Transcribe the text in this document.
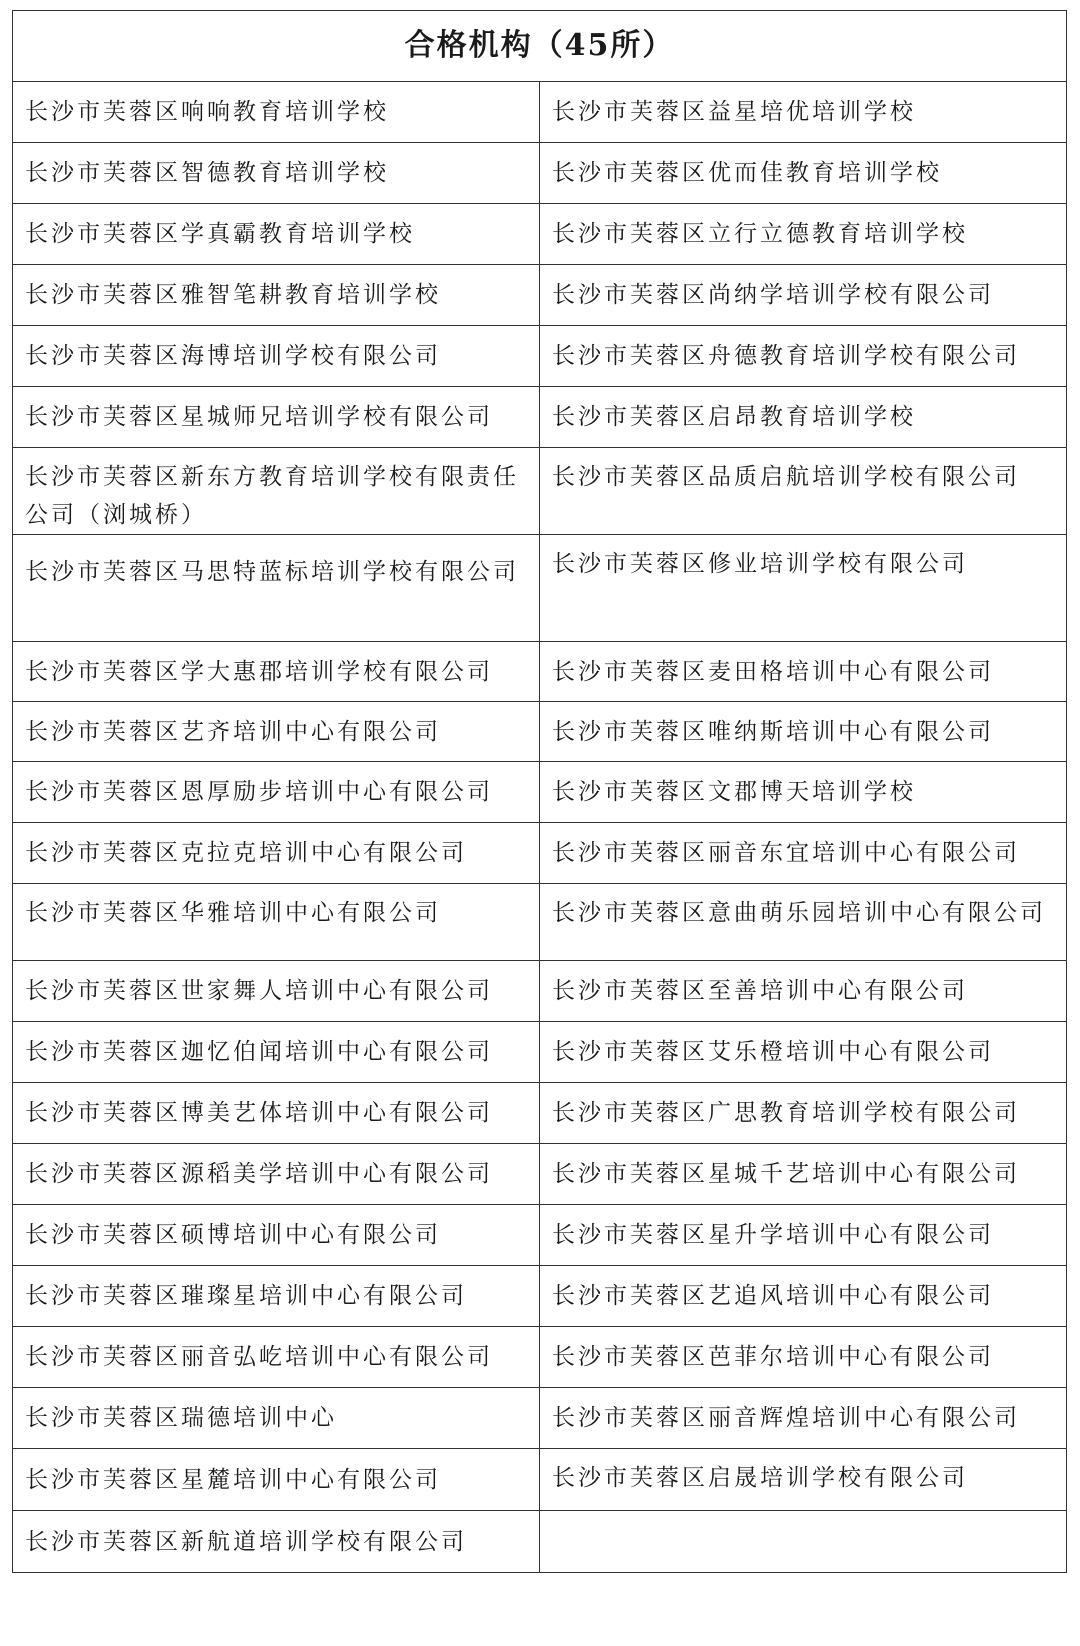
合格机构（45所）	
长沙市芙蓉区响响教育培训学校	长沙市芙蓉区益星培优培训学校
长沙市芙蓉区智德教育培训学校	长沙市芙蓉区优而佳教育培训学校
长沙市芙蓉区学真霸教育培训学校	长沙市芙蓉区立行立德教育培训学校
长沙市芙蓉区雅智笔耕教育培训学校	长沙市芙蓉区尚纳学培训学校有限公司
长沙市芙蓉区海博培训学校有限公司	长沙市芙蓉区舟德教育培训学校有限公司
长沙市芙蓉区星城师兄培训学校有限公司	长沙市芙蓉区启昂教育培训学校
长沙市芙蓉区新东方教育培训学校有限责任公司（浏城桥）	长沙市芙蓉区品质启航培训学校有限公司
长沙市芙蓉区马思特蓝标培训学校有限公司	长沙市芙蓉区修业培训学校有限公司
长沙市芙蓉区学大惠郡培训学校有限公司	长沙市芙蓉区麦田格培训中心有限公司
长沙市芙蓉区艺齐培训中心有限公司	长沙市芙蓉区唯纳斯培训中心有限公司
长沙市芙蓉区恩厚励步培训中心有限公司	长沙市芙蓉区文郡博天培训学校
长沙市芙蓉区克拉克培训中心有限公司	长沙市芙蓉区丽音东宜培训中心有限公司
长沙市芙蓉区华雅培训中心有限公司	长沙市芙蓉区意曲萌乐园培训中心有限公司
长沙市芙蓉区世家舞人培训中心有限公司	长沙市芙蓉区至善培训中心有限公司
长沙市芙蓉区迦忆伯闻培训中心有限公司	长沙市芙蓉区艾乐橙培训中心有限公司
长沙市芙蓉区博美艺体培训中心有限公司	长沙市芙蓉区广思教育培训学校有限公司
长沙市芙蓉区源稻美学培训中心有限公司	长沙市芙蓉区星城千艺培训中心有限公司
长沙市芙蓉区硕博培训中心有限公司	长沙市芙蓉区星升学培训中心有限公司
长沙市芙蓉区璀璨星培训中心有限公司	长沙市芙蓉区艺追风培训中心有限公司
长沙市芙蓉区丽音弘屹培训中心有限公司	长沙市芙蓉区芭菲尔培训中心有限公司
长沙市芙蓉区瑞德培训中心	长沙市芙蓉区丽音辉煌培训中心有限公司
长沙市芙蓉区星麓培训中心有限公司	长沙市芙蓉区启晟培训学校有限公司
长沙市芙蓉区新航道培训学校有限公司	
